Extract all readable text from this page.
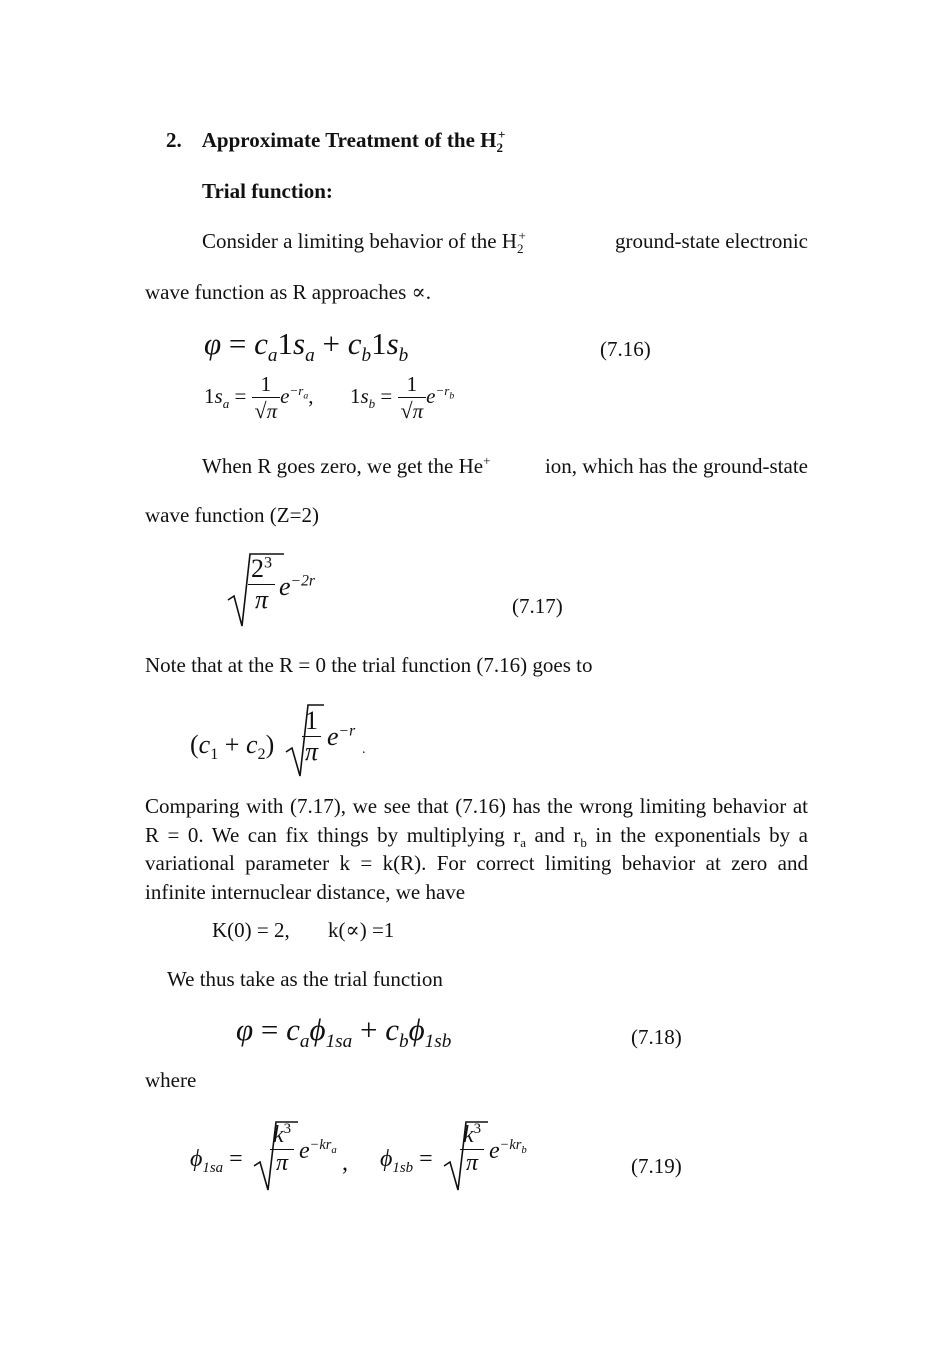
2. Approximate Treatment of the $H_2^+$
Trial function:
Consider a limiting behavior of the $H_2^+$	ground-state electronic
wave function as R approaches ∝.
$\varphi = c_a1s_a + c_b1s_b$	(7.16)
$1s_a = \frac{1}{√\pi} e^{-r_a}$, $1s_b = \frac{1}{√\pi} e^{-r_b}$
When R goes zero, we get the He+	ion, which has the ground-state
wave function (Z=2)
$\frac{2^3}{\pi} e^{-2r}$
(7.17)
Note that at the R = 0 the trial function (7.16) goes to
$(c_1 + c_2) \frac{1}{\pi} e^{-r}$
.
Comparing with (7.17), we see that (7.16) has the wrong limiting behavior at R = 0. We can fix things by multiplying $r_a$ and $r_b$ in the exponentials by a variational parameter k = k(R). For correct limiting behavior at zero and infinite internuclear distance, we have
K(0) = 2, k(∝) =1
We thus take as the trial function
$\varphi = c_a\phi_{1sa} + c_b\phi_{1sb}$	(7.18)
where
$\phi_{1sa} = \frac{k^3}{\pi} e^{-kr_a}$
, $\phi_{1sb} = \frac{k^3}{\pi} e^{-kr_b}$
(7.19)
